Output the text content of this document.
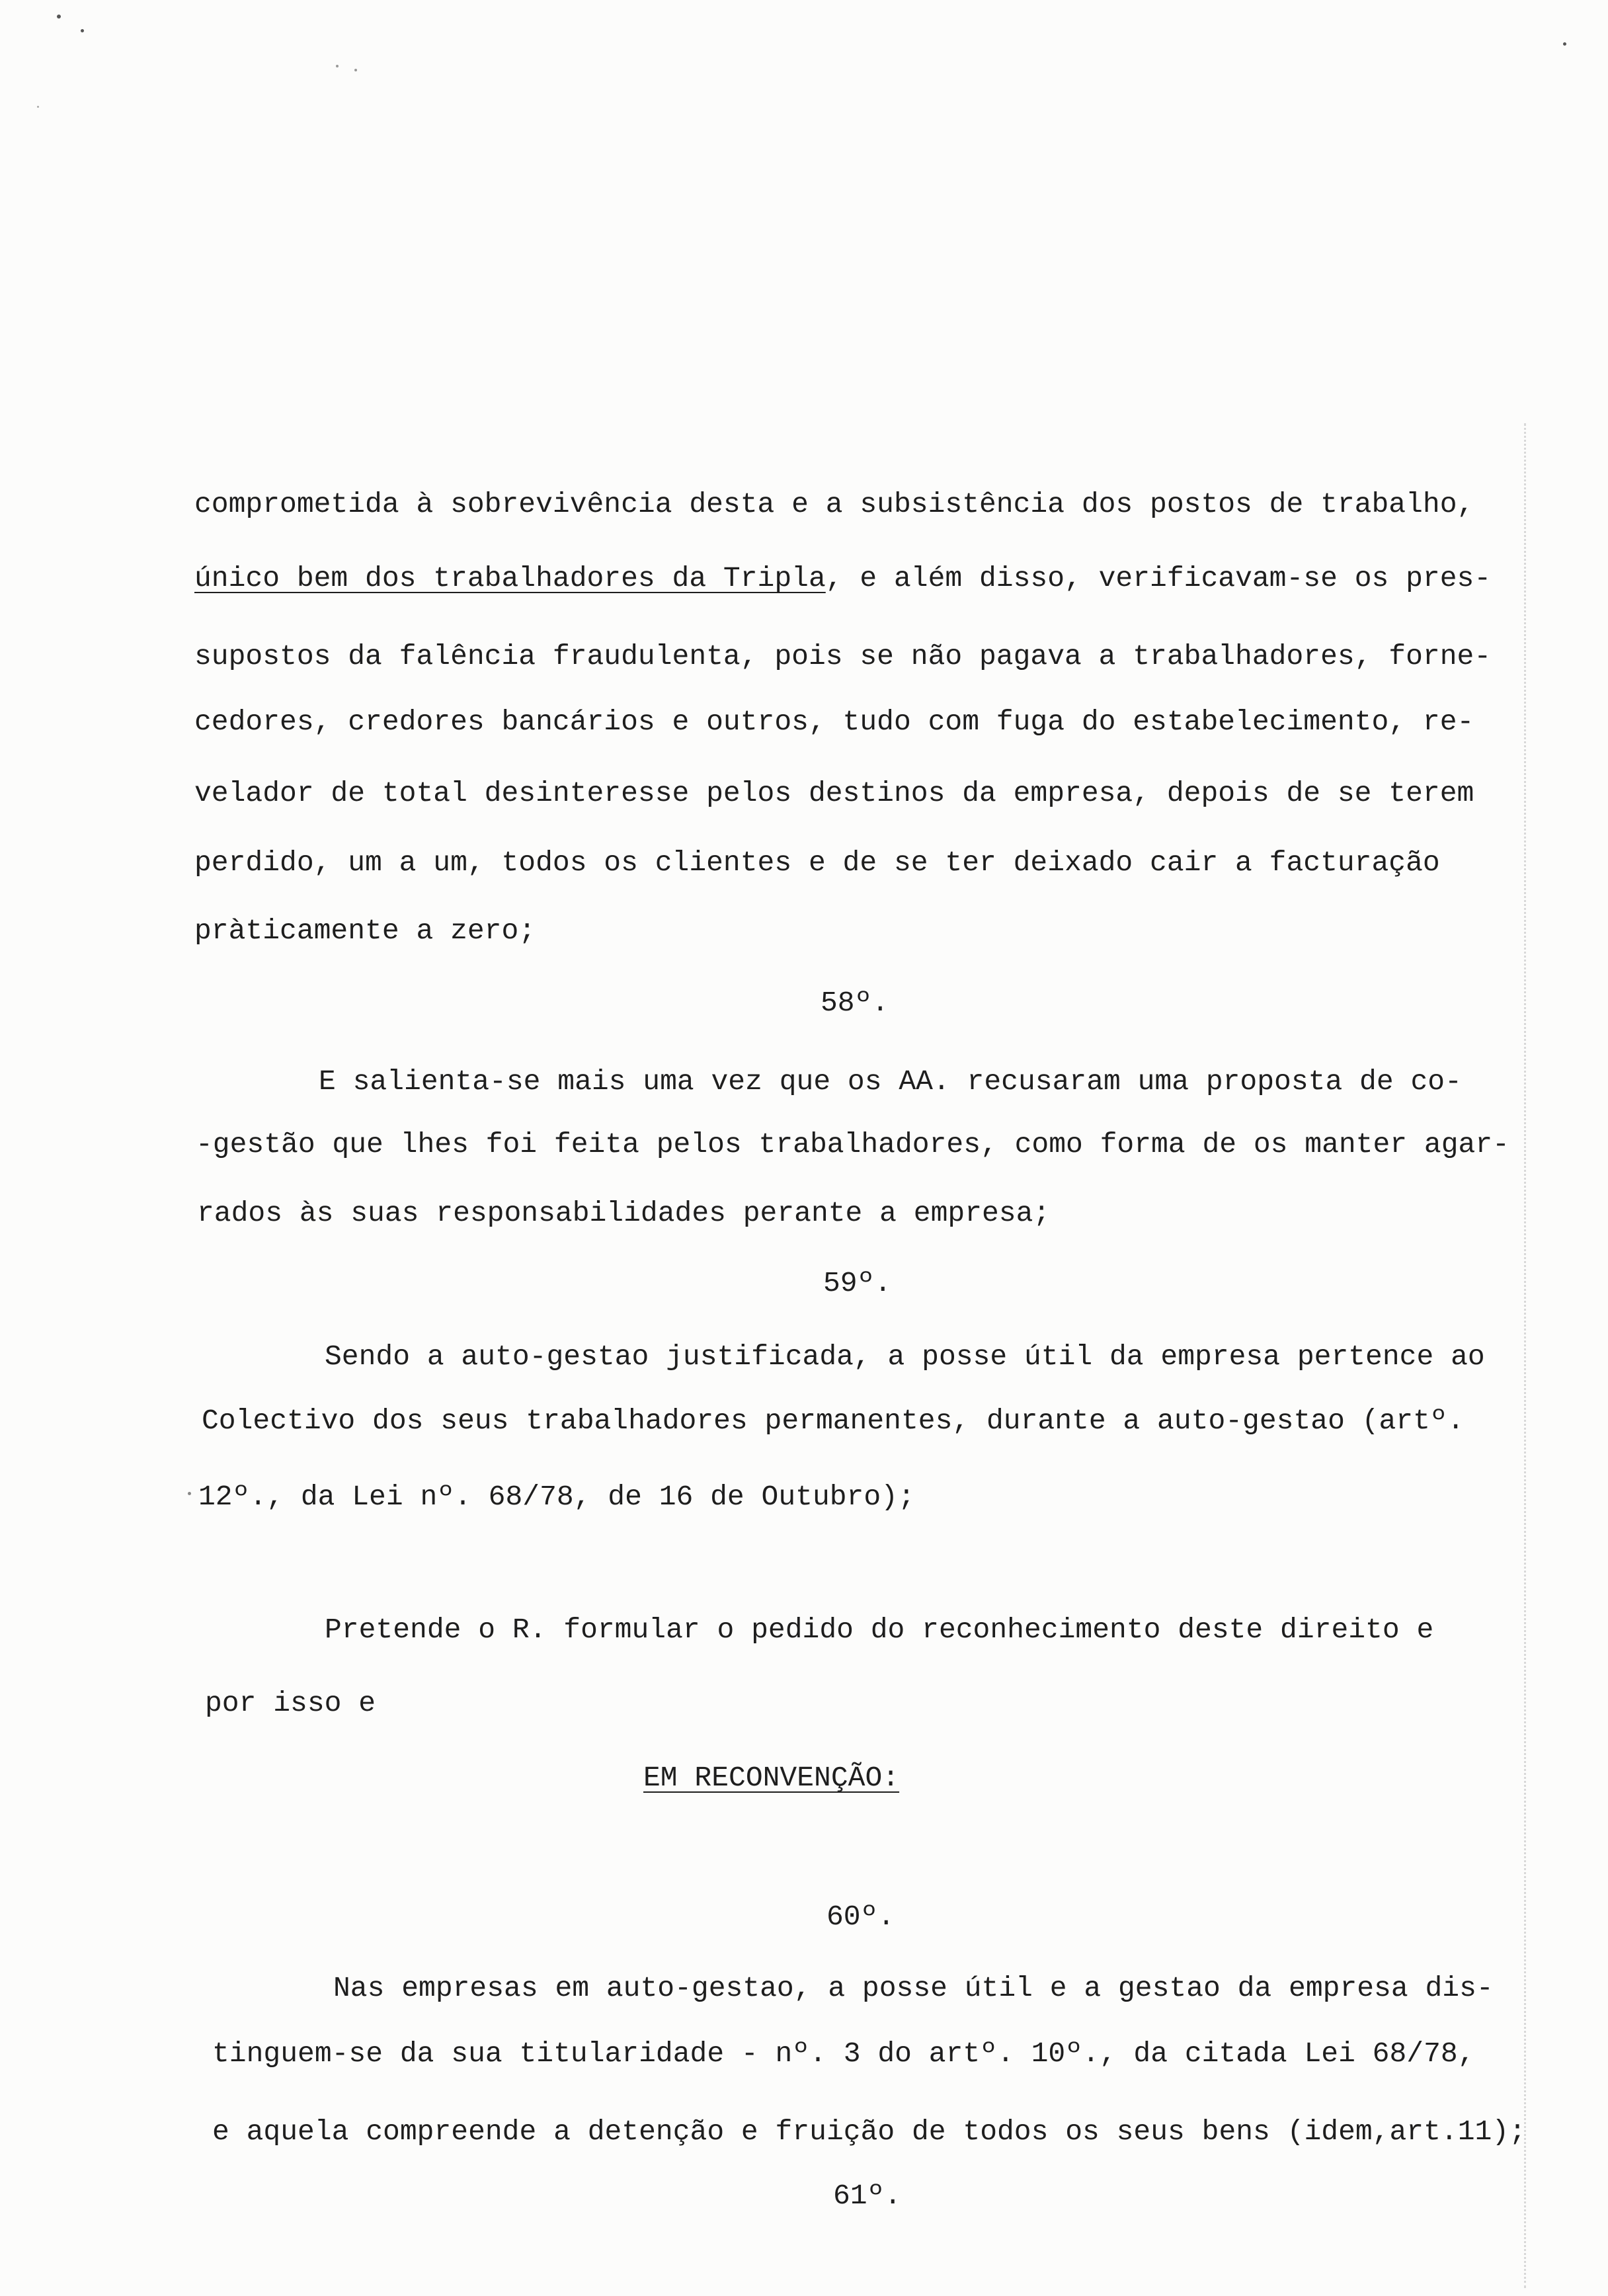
comprometida à sobrevivência desta e a subsistência dos postos de trabalho,
único bem dos trabalhadores da Tripla, e além disso, verificavam-se os pres-
supostos da falência fraudulenta, pois se não pagava a trabalhadores, forne-
cedores, credores bancários e outros, tudo com fuga do estabelecimento, re-
velador de total desinteresse pelos destinos da empresa, depois de se terem
perdido, um a um, todos os clientes e de se ter deixado cair a facturação
pràticamente a zero;
58º.
E salienta-se mais uma vez que os AA. recusaram uma proposta de co-
-gestão que lhes foi feita pelos trabalhadores, como forma de os manter agar-
rados às suas responsabilidades perante a empresa;
59º.
Sendo a auto-gestao justificada, a posse útil da empresa pertence ao
Colectivo dos seus trabalhadores permanentes, durante a auto-gestao (artº.
12º., da Lei nº. 68/78, de 16 de Outubro);
Pretende o R. formular o pedido do reconhecimento deste direito e
por isso e
EM RECONVENÇÃO:
60º.
Nas empresas em auto-gestao, a posse útil e a gestao da empresa dis-
tinguem-se da sua titularidade - nº. 3 do artº. 10º., da citada Lei 68/78,
e aquela compreende a detenção e fruição de todos os seus bens (idem,art.11);
61º.
